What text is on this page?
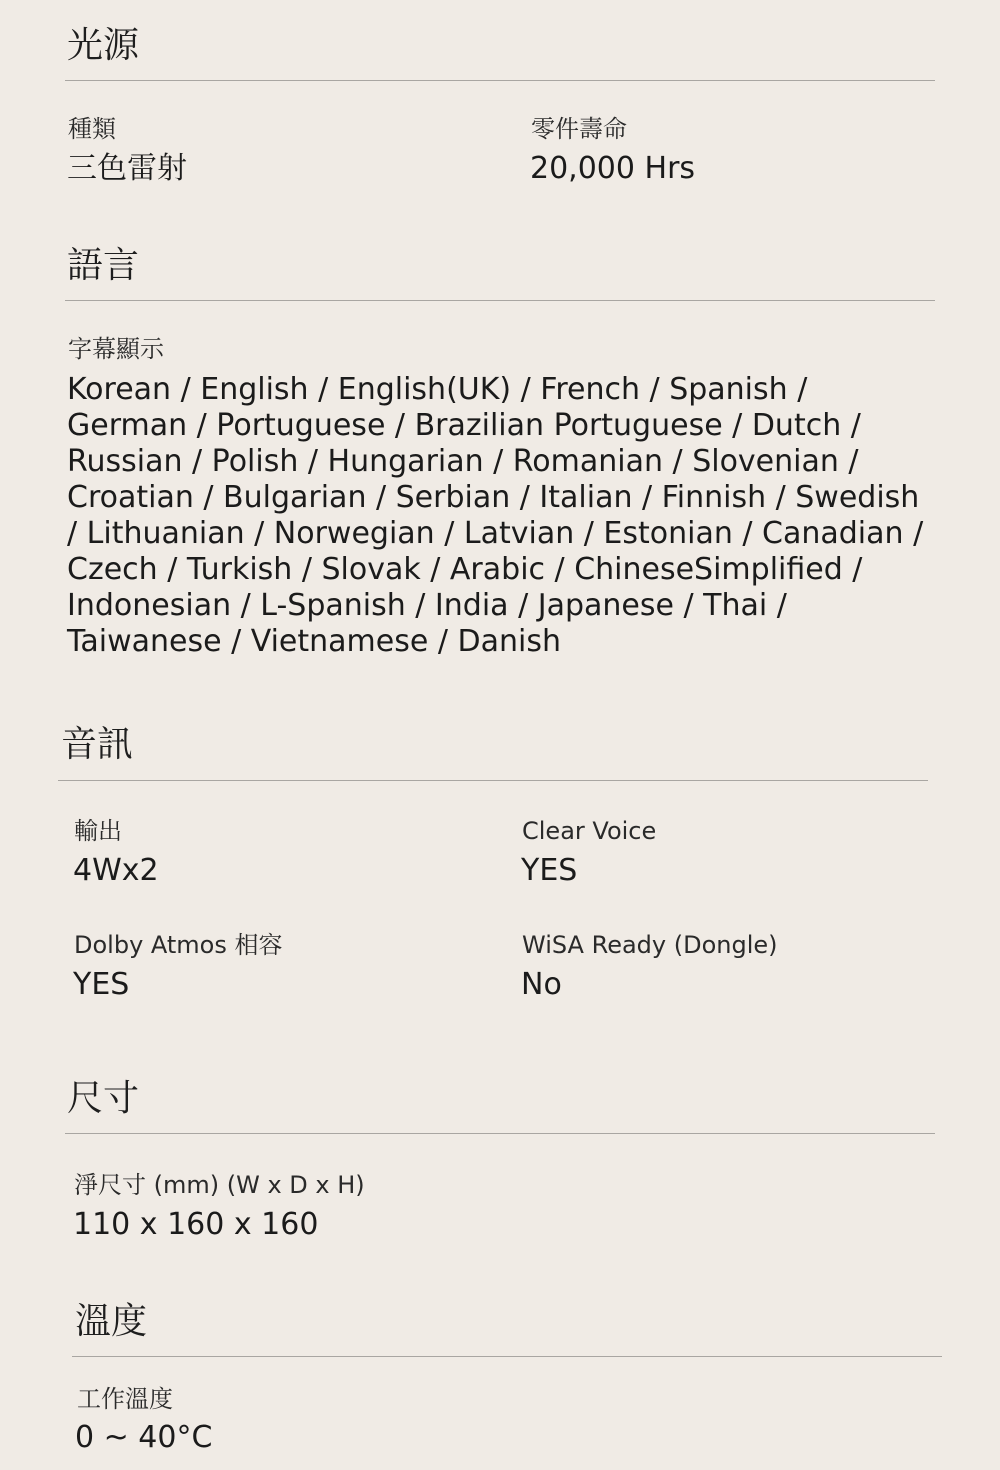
光源
種類
三色雷射
零件壽命
20,000 Hrs
語言
字幕顯示
Korean / English / English(UK) / French / Spanish / German / Portuguese / Brazilian Portuguese / Dutch / Russian / Polish / Hungarian / Romanian / Slovenian / Croatian / Bulgarian / Serbian / Italian / Finnish / Swedish / Lithuanian / Norwegian / Latvian / Estonian / Canadian / Czech / Turkish / Slovak / Arabic / ChineseSimplified / Indonesian / L-Spanish / India / Japanese / Thai / Taiwanese / Vietnamese / Danish
音訊
輸出
4Wx2
Clear Voice
YES
Dolby Atmos 相容
YES
WiSA Ready (Dongle)
No
尺寸
淨尺寸 (mm) (W x D x H)
110 x 160 x 160
溫度
工作溫度
0 ~ 40°C
